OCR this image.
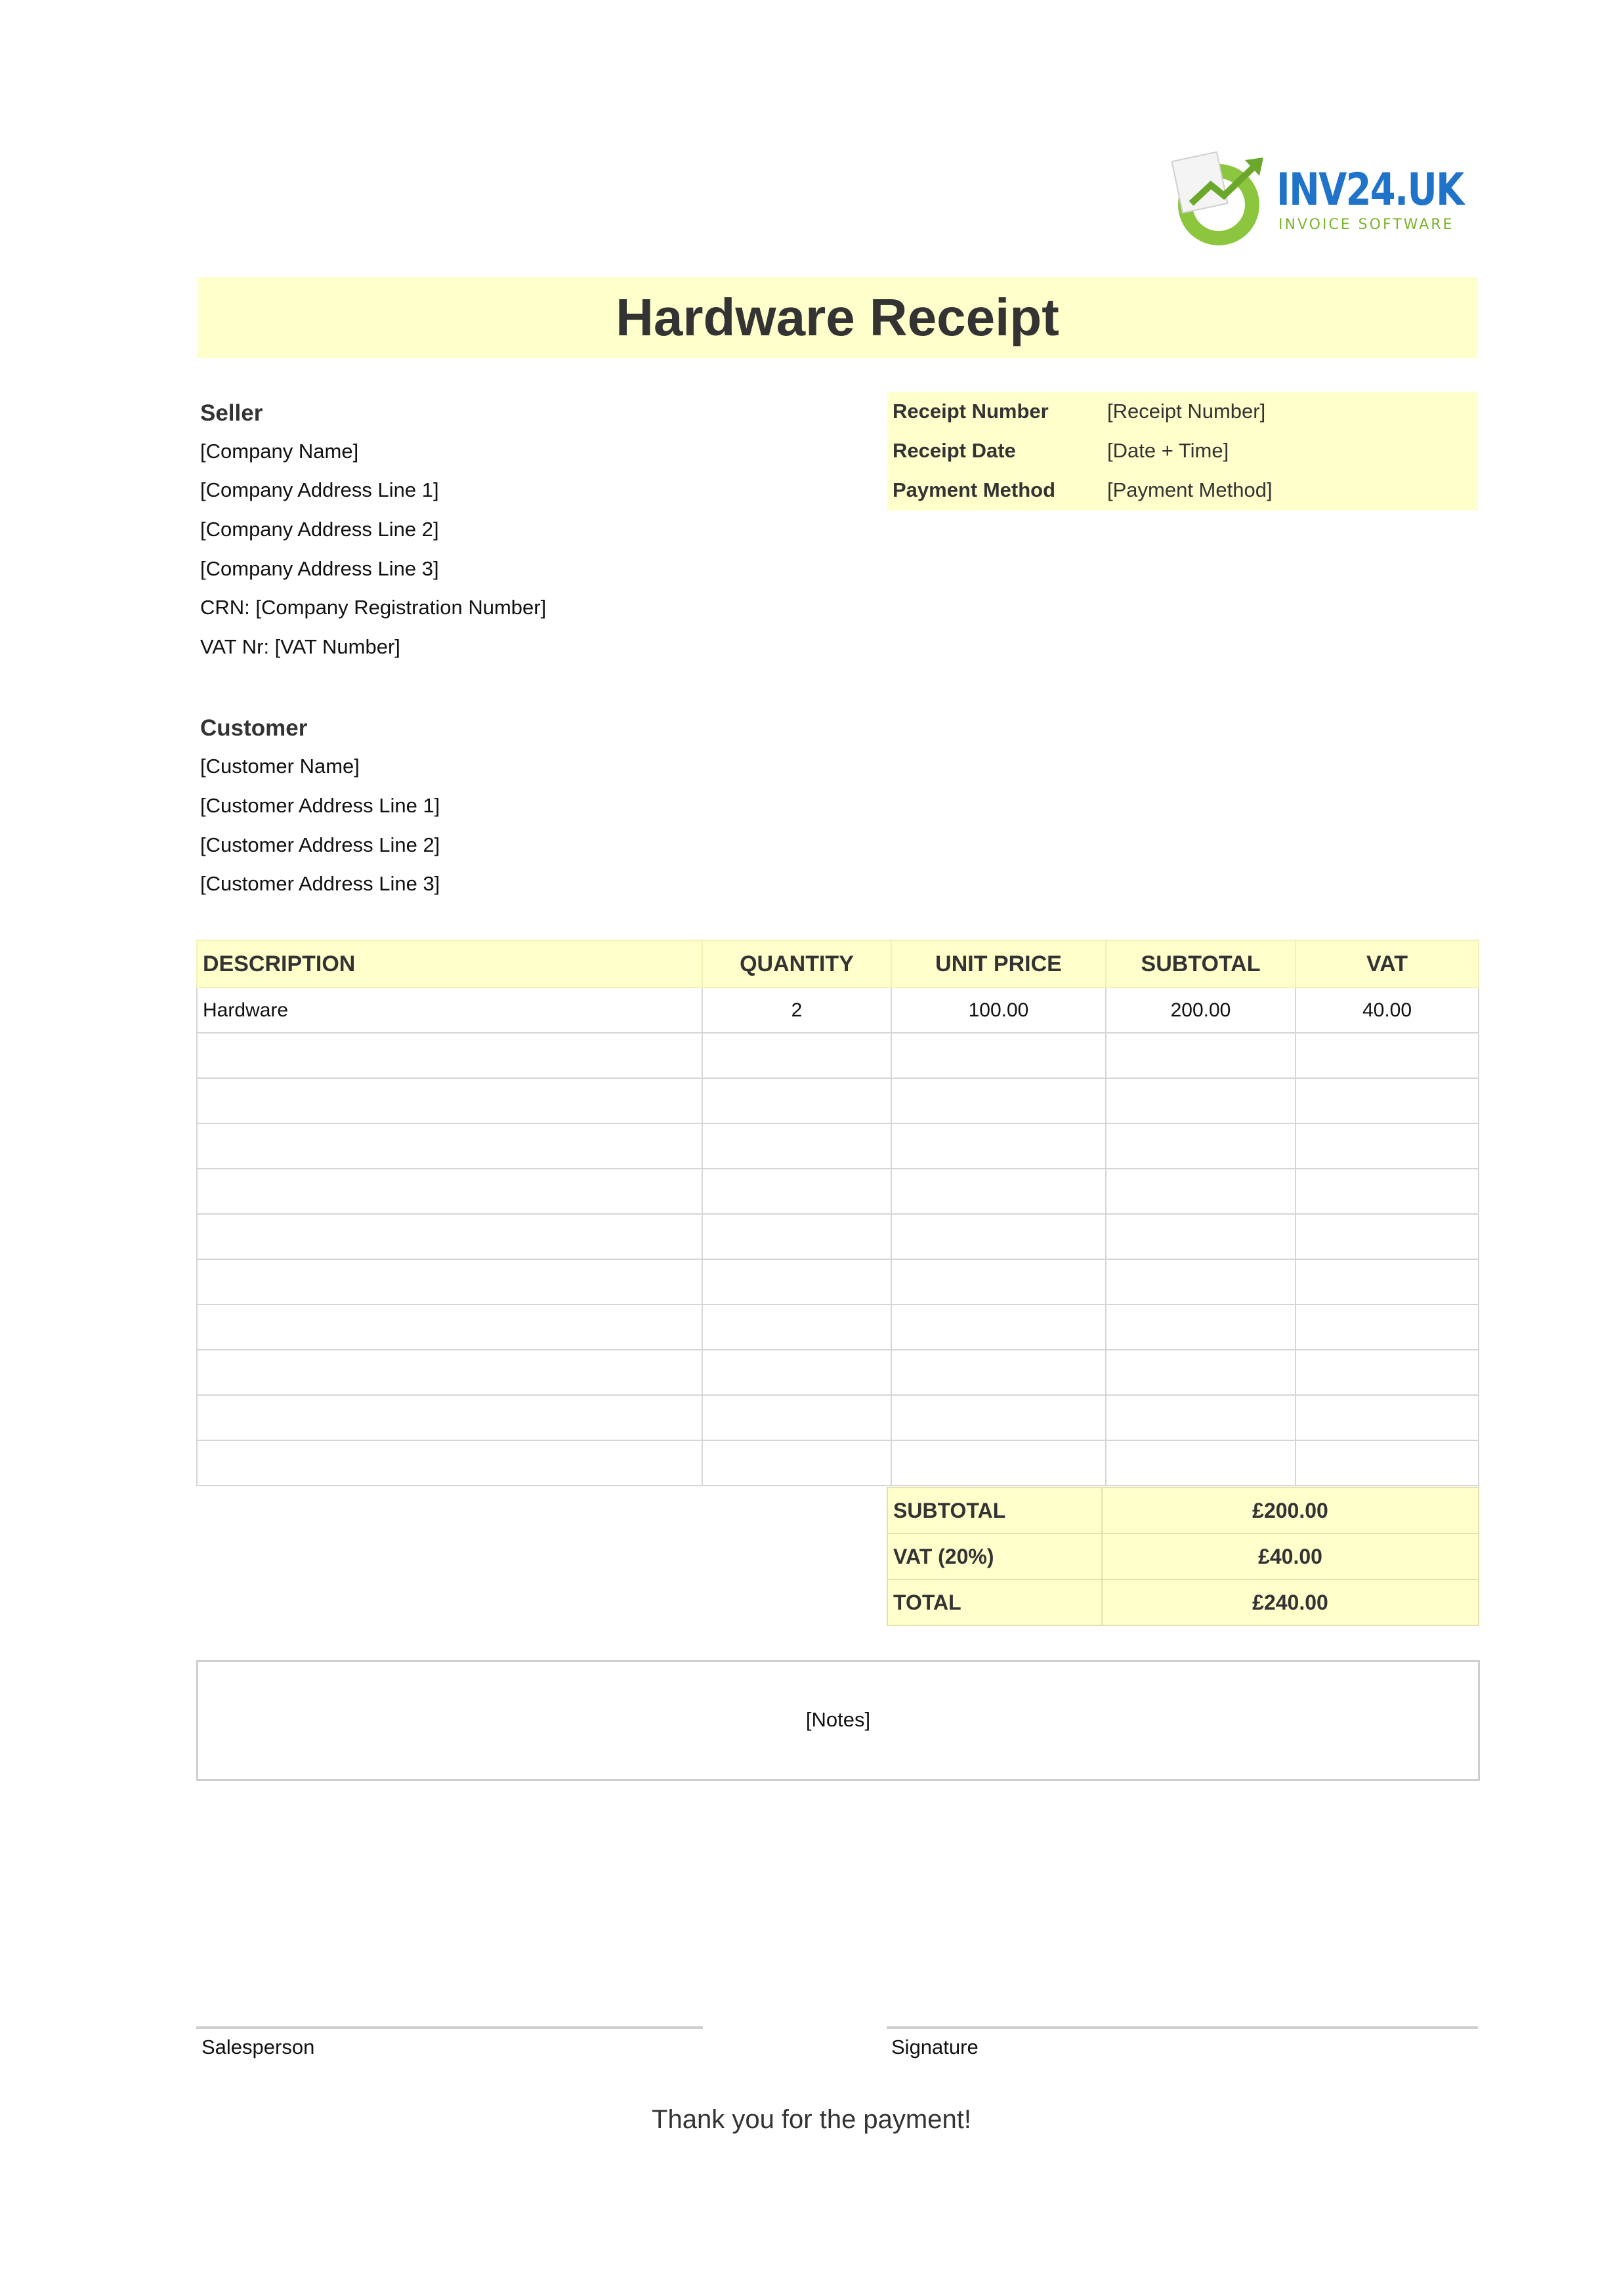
INV24.UK
INVOICE SOFTWARE
Hardware Receipt
Seller
[Company Name]
[Company Address Line 1]
[Company Address Line 2]
[Company Address Line 3]
CRN: [Company Registration Number]
VAT Nr: [VAT Number]
Customer
[Customer Name]
[Customer Address Line 1]
[Customer Address Line 2]
[Customer Address Line 3]
Receipt Number	[Receipt Number]
Receipt Date	[Date + Time]
Payment Method	[Payment Method]
DESCRIPTION	QUANTITY	UNIT PRICE	SUBTOTAL	VAT
Hardware	2	100.00	200.00	40.00

SUBTOTAL	£200.00
VAT (20%)	£40.00
TOTAL	£240.00
[Notes]
Salesperson	Signature
Thank you for the payment!
